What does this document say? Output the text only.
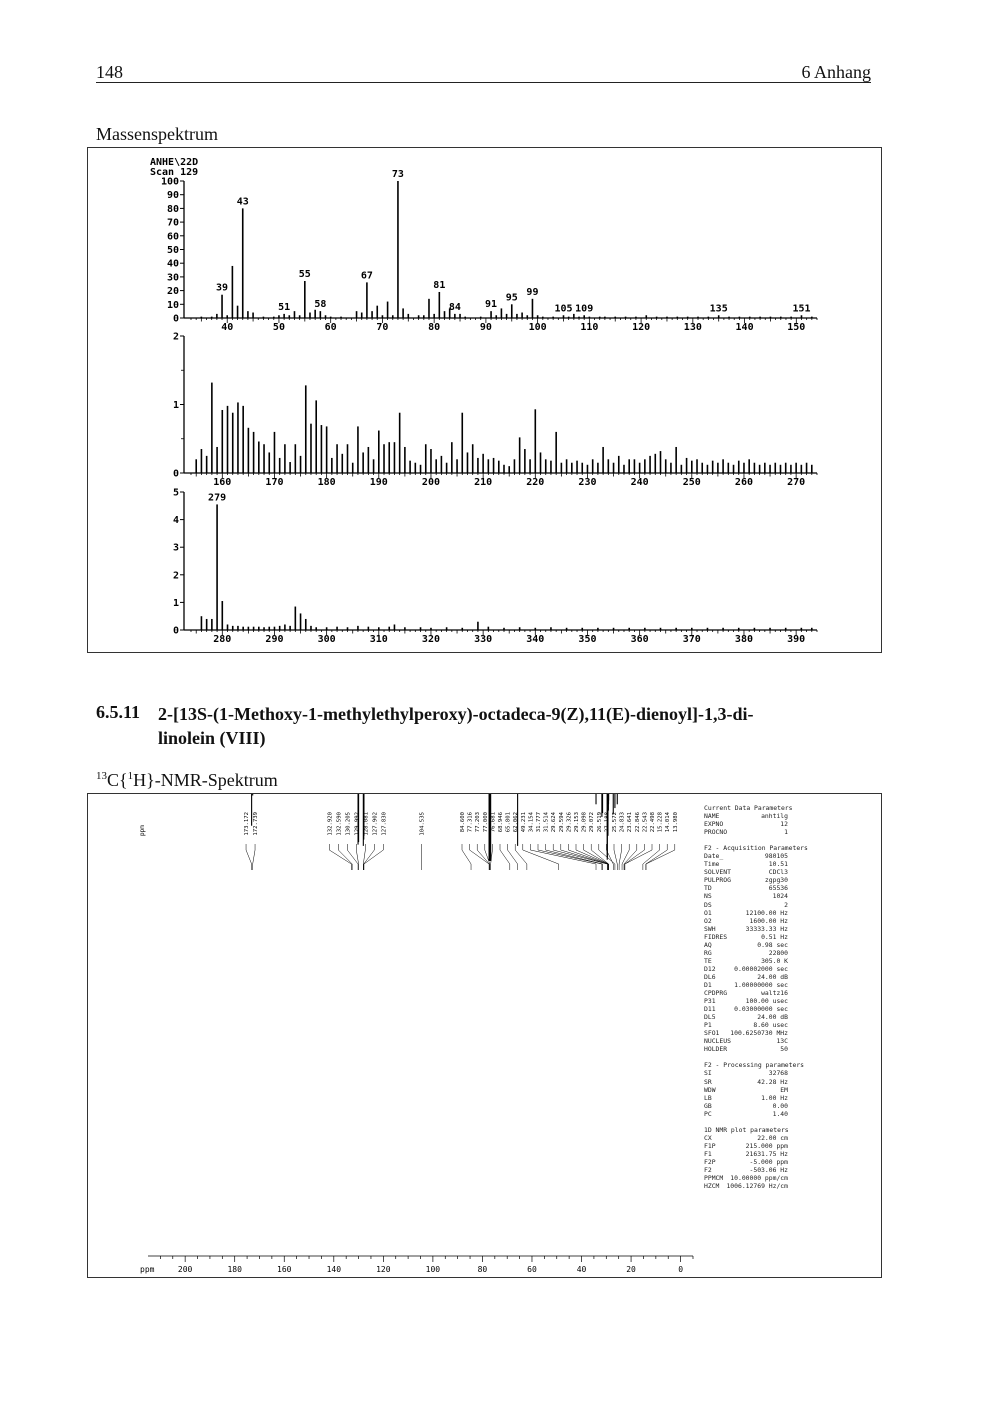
148	6 Anhang
Massenspektrum
ANHE\22D
Scan 129
40	50	60	70	80	90	100	110	120	130	140	150
0
10
20
30
40
50
60
70
80
90
100
39
43
51
55
58
67
73
81
84 91
95 99
105 109	135	151
160	170	180	190	200	210	220	230	240	250	260	270
0
1
2
280	290	300	310	320	330	340	350	360	370	380	390
0
1
2
3
4
5	279
6.5.11 2-[13S-(1-Methoxy-1-methylethylperoxy)-octadeca-9(Z),11(E)-dienoyl]-1,3-di-
linolein (VIII)
$^{13}$C{$^1$H}-NMR-Spektrum
ppm
200	180	160	140	120	100	80	60	40	20	0
ppm
173.172 172.739	132.920 132.590 130.205 129.992 128.081 127.902 127.830	104.535	84.600 77.316 77.203 77.000 76.681 68.946 65.801 62.062 49.231 34.154 31.777 31.514 29.624 29.594 29.326 29.153 29.098 29.072 26.519 27.188 25.572 24.833 23.641 22.846 22.543 22.498 15.228 14.014 13.980
Current Data Parameters
NAME	anhtilg
EXPNO	12
PROCNO	1
F2 - Acquisition Parameters
Date_	980105
Time	10.51
SOLVENT	CDCl3
PULPROG	zgpg30
TD	65536
NS	1024
DS	2
O1	12100.00 Hz
O2	1600.00 Hz
SWH	33333.33 Hz
FIDRES	0.51 Hz
AQ	0.98 sec
RG	22800
TE	305.0 K
D12	0.00002000 sec
DL6	24.00 dB
D1	1.00000000 sec
CPDPRG	waltz16
P31	100.00 usec
D11	0.03000000 sec
DL5	24.00 dB
P1	8.60 usec
SFO1	100.6250730 MHz
NUCLEUS	13C
HOLDER	50
F2 - Processing parameters
SI	32768
SR	42.28 Hz
WDW	EM
LB	1.00 Hz
GB	0.00
PC	1.40
1D NMR plot parameters
CX	22.00 cm
F1P	215.000 ppm
F1	21631.75 Hz
F2P	-5.000 ppm
F2	-503.06 Hz
PPMCM	10.00000 ppm/cm
HZCM	1006.12769 Hz/cm
